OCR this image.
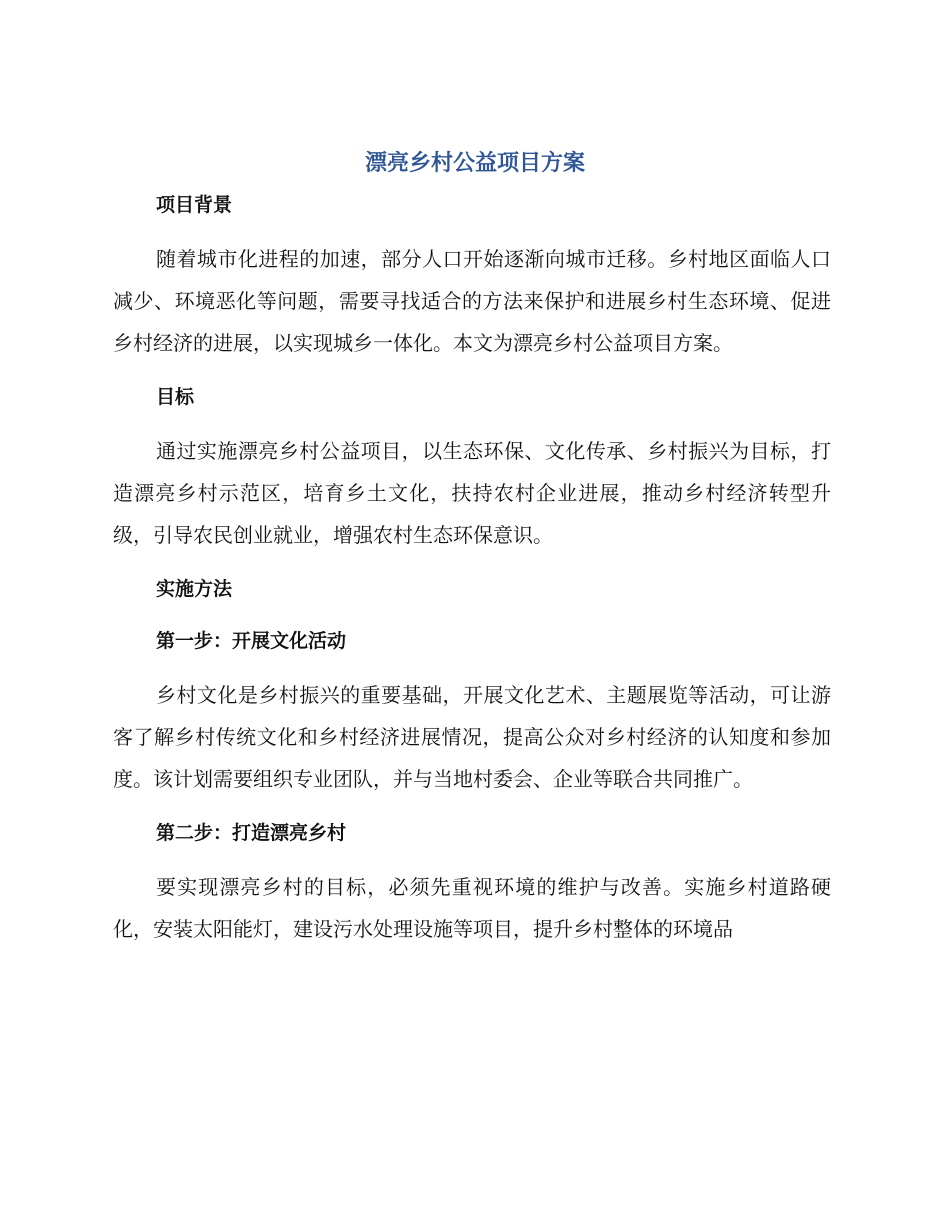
漂亮乡村公益项目方案

项目背景

随着城市化进程的加速，部分人口开始逐渐向城市迁移。乡村地区面临人口减少、环境恶化等问题，需要寻找适合的方法来保护和进展乡村生态环境、促进乡村经济的进展，以实现城乡一体化。本文为漂亮乡村公益项目方案。

目标

通过实施漂亮乡村公益项目，以生态环保、文化传承、乡村振兴为目标，打造漂亮乡村示范区，培育乡土文化，扶持农村企业进展，推动乡村经济转型升级，引导农民创业就业，增强农村生态环保意识。

实施方法

第一步：开展文化活动

乡村文化是乡村振兴的重要基础，开展文化艺术、主题展览等活动，可让游客了解乡村传统文化和乡村经济进展情况，提高公众对乡村经济的认知度和参加度。该计划需要组织专业团队，并与当地村委会、企业等联合共同推广。

第二步：打造漂亮乡村

要实现漂亮乡村的目标，必须先重视环境的维护与改善。实施乡村道路硬化，安装太阳能灯，建设污水处理设施等项目，提升乡村整体的环境品
